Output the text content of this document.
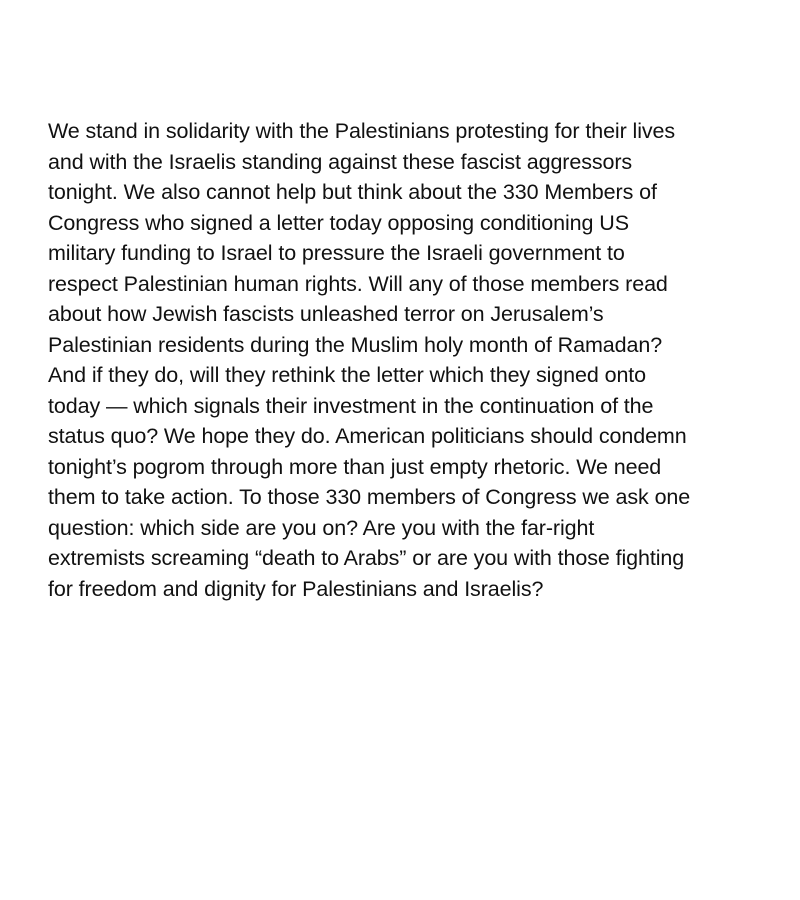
We stand in solidarity with the Palestinians protesting for their lives
and with the Israelis standing against these fascist aggressors
tonight. We also cannot help but think about the 330 Members of
Congress who signed a letter today opposing conditioning US
military funding to Israel to pressure the Israeli government to
respect Palestinian human rights. Will any of those members read
about how Jewish fascists unleashed terror on Jerusalem’s
Palestinian residents during the Muslim holy month of Ramadan?
And if they do, will they rethink the letter which they signed onto
today — which signals their investment in the continuation of the
status quo? We hope they do. American politicians should condemn
tonight’s pogrom through more than just empty rhetoric. We need
them to take action. To those 330 members of Congress we ask one
question: which side are you on? Are you with the far-right
extremists screaming “death to Arabs” or are you with those fighting
for freedom and dignity for Palestinians and Israelis?
